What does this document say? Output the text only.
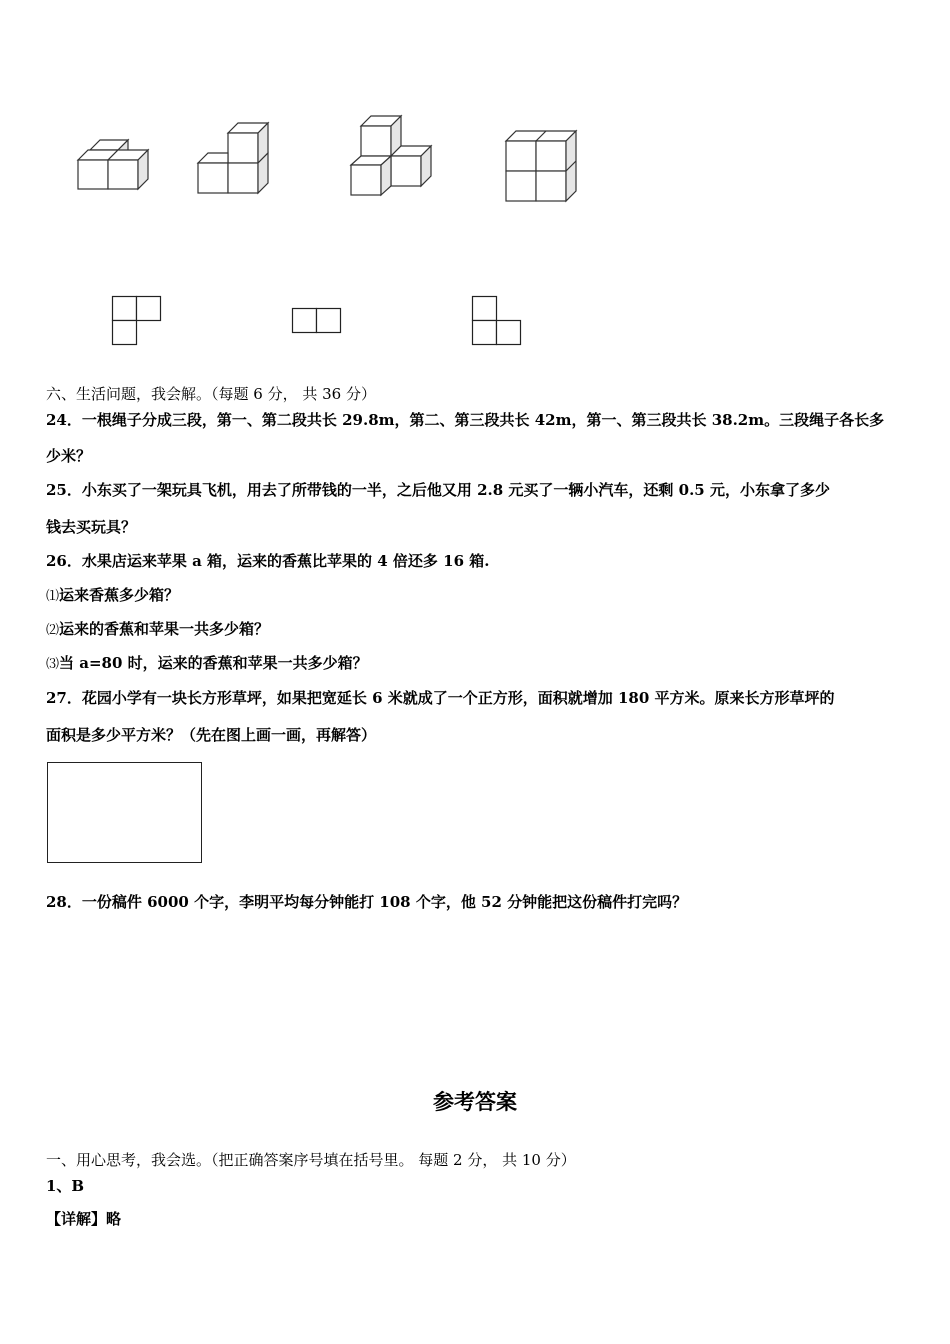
六、生活问题，我会解。（每题 6 分， 共 36 分）
24．一根绳子分成三段，第一、第二段共长 29.8m，第二、第三段共长 42m，第一、第三段共长 38.2m。三段绳子各长多
少米？
25．小东买了一架玩具飞机，用去了所带钱的一半，之后他又用 2.8 元买了一辆小汽车，还剩 0.5 元，小东拿了多少
钱去买玩具？
26．水果店运来苹果 a 箱，运来的香蕉比苹果的 4 倍还多 16 箱.
⑴运来香蕉多少箱？
⑵运来的香蕉和苹果一共多少箱？
⑶当 a=80 时，运来的香蕉和苹果一共多少箱？
27．花园小学有一块长方形草坪，如果把宽延长 6 米就成了一个正方形，面积就增加 180 平方米。原来长方形草坪的
面积是多少平方米？（先在图上画一画，再解答）
28．一份稿件 6000 个字，李明平均每分钟能打 108 个字，他 52 分钟能把这份稿件打完吗？
参考答案
一、用心思考，我会选。（把正确答案序号填在括号里。 每题 2 分， 共 10 分）
1、B
【详解】略
